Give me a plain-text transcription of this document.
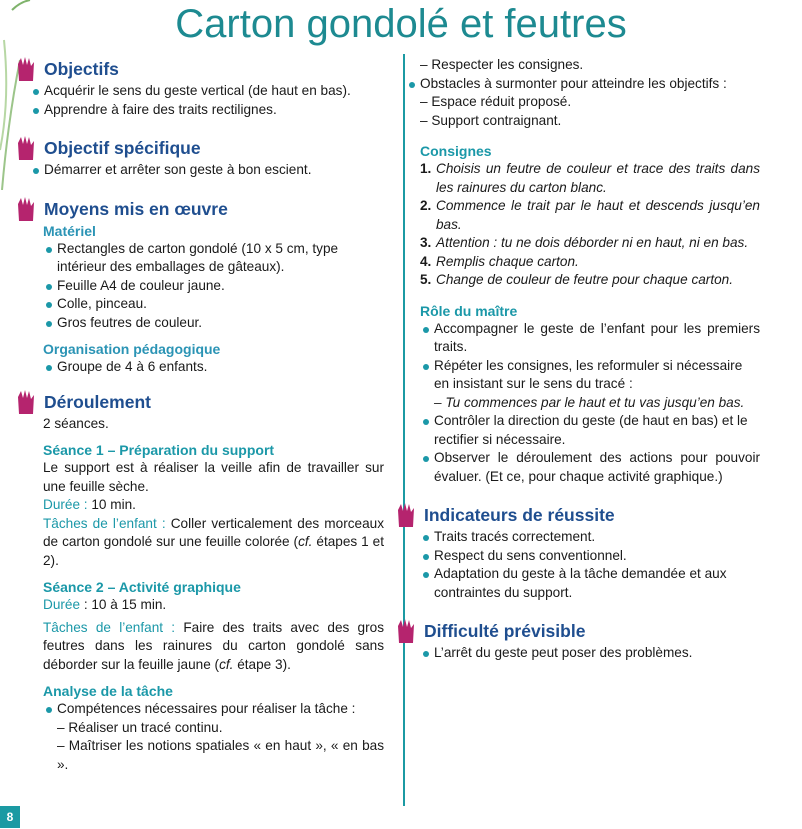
Carton gondolé et feutres
Objectifs
Acquérir le sens du geste vertical (de haut en bas).
Apprendre à faire des traits rectilignes.
Objectif spécifique
Démarrer et arrêter son geste à bon escient.
Moyens mis en œuvre
Matériel
Rectangles de carton gondolé (10 x 5 cm, type intérieur des emballages de gâteaux).
Feuille A4 de couleur jaune.
Colle, pinceau.
Gros feutres de couleur.
Organisation pédagogique
Groupe de 4 à 6 enfants.
Déroulement
2 séances.
Séance 1 – Préparation du support
Le support est à réaliser la veille afin de travailler sur une feuille sèche.
Durée : 10 min.
Tâches de l’enfant : Coller verticalement des morceaux de carton gondolé sur une feuille colorée (cf. étapes 1 et 2).
Séance 2 – Activité graphique
Durée : 10 à 15 min.
Tâches de l’enfant : Faire des traits avec des gros feutres dans les rainures du carton gondolé sans déborder sur la feuille jaune (cf. étape 3).
Analyse de la tâche
Compétences nécessaires pour réaliser la tâche :
– Réaliser un tracé continu.
– Maîtriser les notions spatiales « en haut », « en bas ».
– Respecter les consignes.
Obstacles à surmonter pour atteindre les objectifs :
– Espace réduit proposé.
– Support contraignant.
Consignes
1. Choisis un feutre de couleur et trace des traits dans les rainures du carton blanc.
2. Commence le trait par le haut et descends jusqu’en bas.
3. Attention : tu ne dois déborder ni en haut, ni en bas.
4. Remplis chaque carton.
5. Change de couleur de feutre pour chaque carton.
Rôle du maître
Accompagner le geste de l’enfant pour les premiers traits.
Répéter les consignes, les reformuler si nécessaire en insistant sur le sens du tracé :
– Tu commences par le haut et tu vas jusqu’en bas.
Contrôler la direction du geste (de haut en bas) et le rectifier si nécessaire.
Observer le déroulement des actions pour pouvoir évaluer. (Et ce, pour chaque activité graphique.)
Indicateurs de réussite
Traits tracés correctement.
Respect du sens conventionnel.
Adaptation du geste à la tâche demandée et aux contraintes du support.
Difficulté prévisible
L’arrêt du geste peut poser des problèmes.
8
